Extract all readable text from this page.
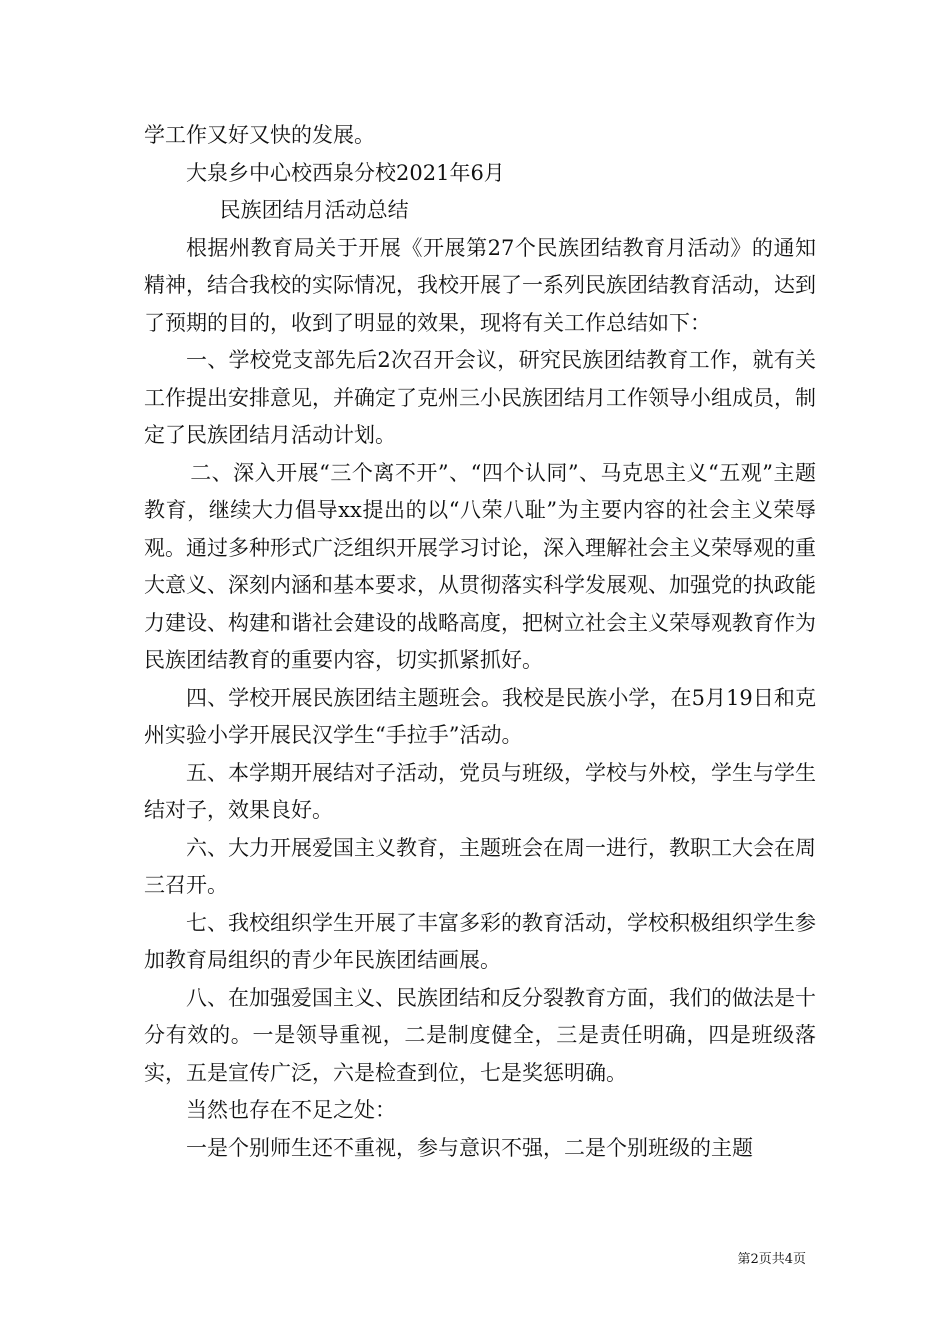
学工作又好又快的发展。

大泉乡中心校西泉分校2021年6月

民族团结月活动总结

根据州教育局关于开展《开展第27个民族团结教育月活动》的通知精神，结合我校的实际情况，我校开展了一系列民族团结教育活动，达到了预期的目的，收到了明显的效果，现将有关工作总结如下：

一、学校党支部先后2次召开会议，研究民族团结教育工作，就有关工作提出安排意见，并确定了克州三小民族团结月工作领导小组成员，制定了民族团结月活动计划。

二、深入开展“三个离不开”、“四个认同”、马克思主义“五观”主题教育，继续大力倡导xx提出的以“八荣八耻”为主要内容的社会主义荣辱观。通过多种形式广泛组织开展学习讨论，深入理解社会主义荣辱观的重大意义、深刻内涵和基本要求，从贯彻落实科学发展观、加强党的执政能力建设、构建和谐社会建设的战略高度，把树立社会主义荣辱观教育作为民族团结教育的重要内容，切实抓紧抓好。

四、学校开展民族团结主题班会。我校是民族小学，在5月19日和克州实验小学开展民汉学生“手拉手”活动。

五、本学期开展结对子活动，党员与班级，学校与外校，学生与学生结对子，效果良好。

六、大力开展爱国主义教育，主题班会在周一进行，教职工大会在周三召开。

七、我校组织学生开展了丰富多彩的教育活动，学校积极组织学生参加教育局组织的青少年民族团结画展。

八、在加强爱国主义、民族团结和反分裂教育方面，我们的做法是十分有效的。一是领导重视，二是制度健全，三是责任明确，四是班级落实，五是宣传广泛，六是检查到位，七是奖惩明确。

当然也存在不足之处：

一是个别师生还不重视，参与意识不强，二是个别班级的主题

第2页共4页
